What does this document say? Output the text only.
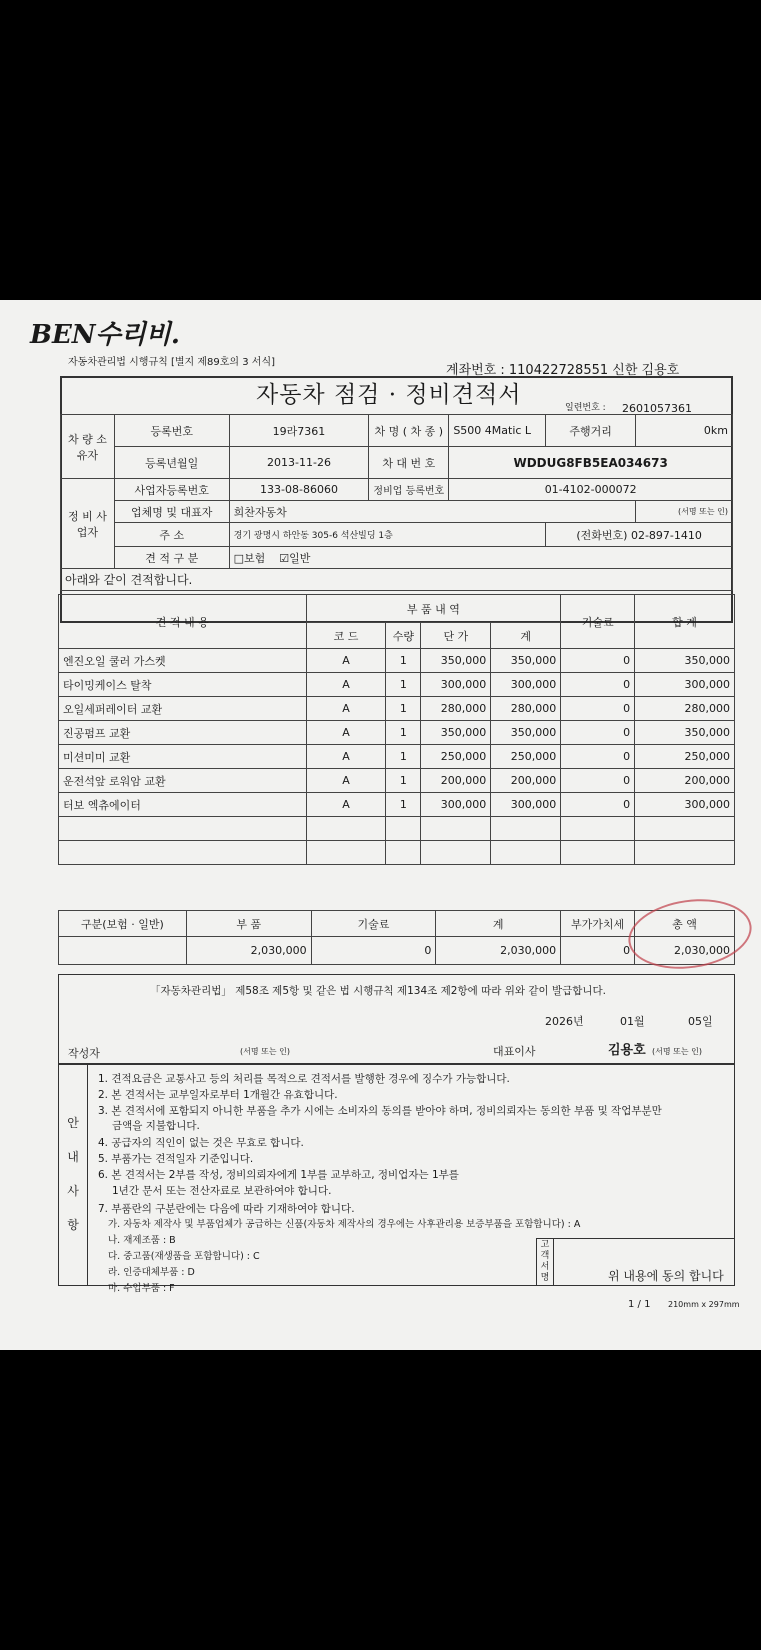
BEN수리비.
자동차관리법 시행규칙 [별지 제89호의 3 서식]
계좌번호 : 110422728551 신한 김용호
자동차 점검 · 정비견적서	일련번호 : 2601057361
차 량 소유자	등록번호	19라7361	차 명 ( 차 종 )	S500 4Matic L	주행거리	0km
	등록년월일	2013-11-26	차 대 번 호	WDDUG8FB5EA034673		
정 비 사업자	사업자등록번호	133-08-86060	정비업 등록번호	01-4102-000072		
	업체명 및 대표자	희찬자동차				(서명 또는 인)
	주 소	경기 광명시 하안동 305-6 석산빌딩 1층			(전화번호) 02-897-1410	
	견 적 구 분	□보험 ☑일반				
아래와 같이 견적합니다.						
견 적 내 용	부 품 내 역				기술료	합 계
	코 드	수량	단 가	계		
엔진오일 쿨러 가스켓	A	1	350,000	350,000	0	350,000
타이밍케이스 탈착	A	1	300,000	300,000	0	300,000
오일세퍼레이터 교환	A	1	280,000	280,000	0	280,000
진공펌프 교환	A	1	350,000	350,000	0	350,000
미션미미 교환	A	1	250,000	250,000	0	250,000
운전석앞 로워암 교환	A	1	200,000	200,000	0	200,000
터보 엑츄에이터	A	1	300,000	300,000	0	300,000

구분(보험 · 일반)	부 품	기술료	계	부가가치세	총 액
	2,030,000	0	2,030,000	0	2,030,000
「자동차관리법」 제58조 제5항 및 같은 법 시행규칙 제134조 제2항에 따라 위와 같이 발급합니다.
2026년	01월	05일
작성자	(서명 또는 인)	대표이사	김용호 (서명 또는 인)
안 내 사 항
1. 견적요금은 교통사고 등의 처리를 목적으로 견적서를 발행한 경우에 징수가 가능합니다.
2. 본 견적서는 교부일자로부터 1개월간 유효합니다.
3. 본 견적서에 포함되지 아니한 부품을 추가 시에는 소비자의 동의를 받아야 하며, 정비의뢰자는 동의한 부품 및 작업부분만
금액을 지불합니다.
4. 공급자의 직인이 없는 것은 무효로 합니다.
5. 부품가는 견적일자 기준입니다.
6. 본 견적서는 2부를 작성, 정비의뢰자에게 1부를 교부하고, 정비업자는 1부를
1년간 문서 또는 전산자료로 보관하여야 합니다.
7. 부품란의 구분란에는 다음에 따라 기재하여야 합니다.
가. 자동차 제작사 및 부품업체가 공급하는 신품(자동차 제작사의 경우에는 사후관리용 보증부품을 포함합니다) : A
나. 재제조품 : B
다. 중고품(재생품을 포함합니다) : C
라. 인증대체부품 : D
마. 수입부품 : F
고객서명	위 내용에 동의 합니다
1 / 1 210mm x 297mm
